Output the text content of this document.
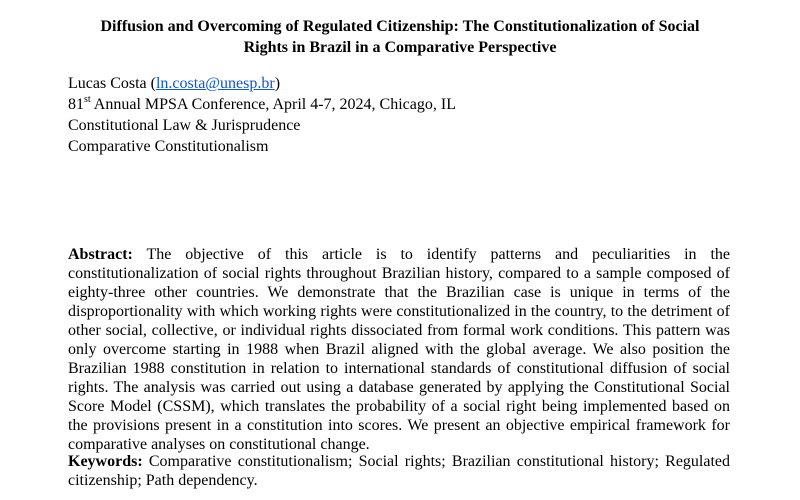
Diffusion and Overcoming of Regulated Citizenship: The Constitutionalization of Social
Rights in Brazil in a Comparative Perspective
Lucas Costa (ln.costa@unesp.br)
81st Annual MPSA Conference, April 4-7, 2024, Chicago, IL
Constitutional Law & Jurisprudence
Comparative Constitutionalism

Abstract: The objective of this article is to identify patterns and peculiarities in the constitutionalization of social rights throughout Brazilian history, compared to a sample composed of eighty-three other countries. We demonstrate that the Brazilian case is unique in terms of the disproportionality with which working rights were constitutionalized in the country, to the detriment of other social, collective, or individual rights dissociated from formal work conditions. This pattern was only overcome starting in 1988 when Brazil aligned with the global average. We also position the Brazilian 1988 constitution in relation to international standards of constitutional diffusion of social rights. The analysis was carried out using a database generated by applying the Constitutional Social Score Model (CSSM), which translates the probability of a social right being implemented based on the provisions present in a constitution into scores. We present an objective empirical framework for comparative analyses on constitutional change.

Keywords: Comparative constitutionalism; Social rights; Brazilian constitutional history; Regulated citizenship; Path dependency.
